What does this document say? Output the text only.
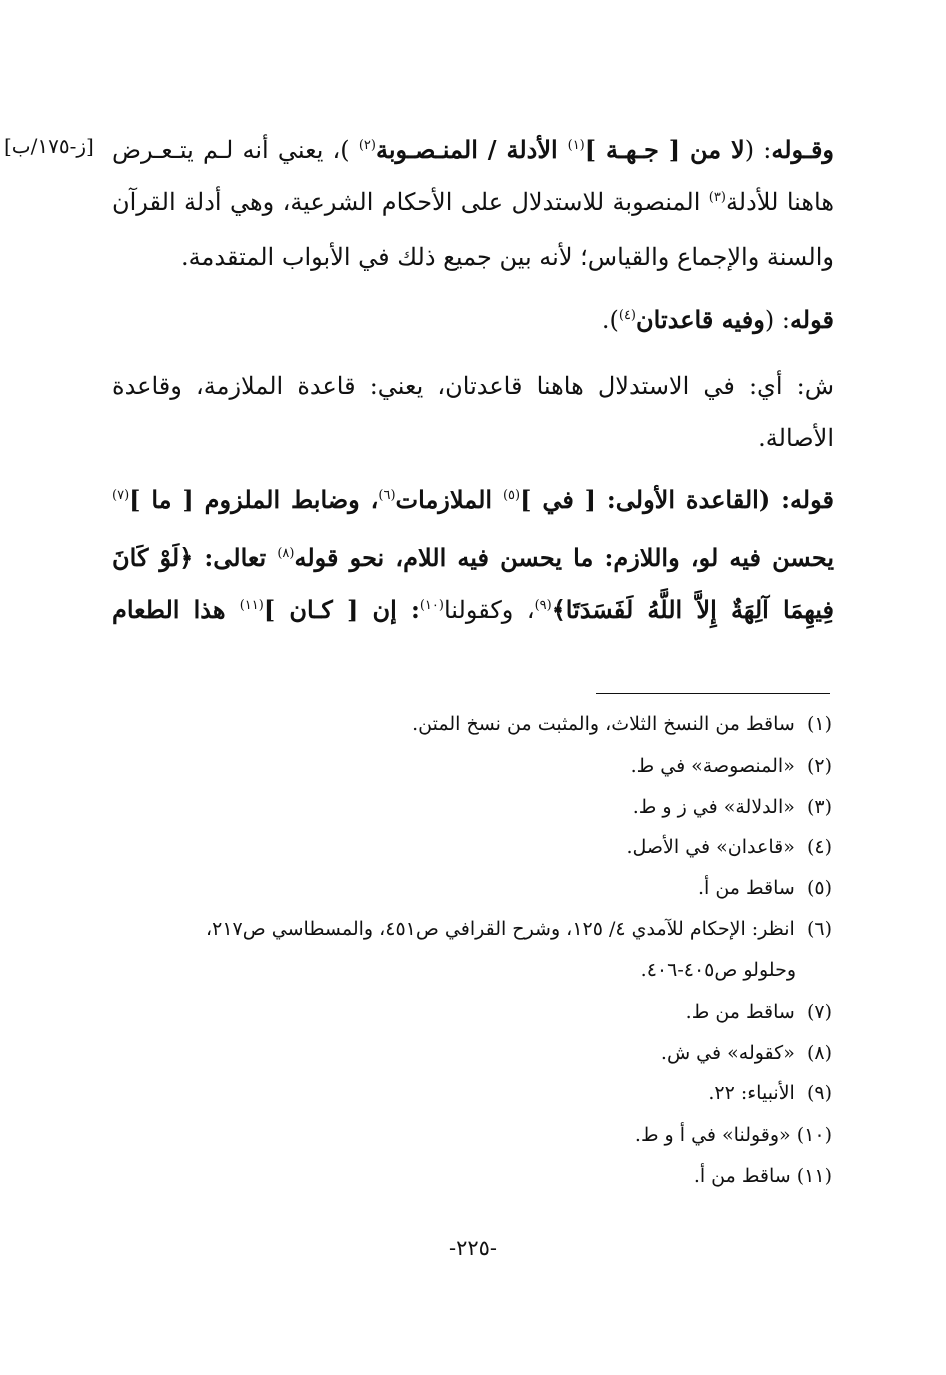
[ز-١٧٥/ب]	وقـوله: (لا من [ جـهـة ]$^{(١)}$ الأدلة / المنـصـوبة$^{(٢)}$ )، يعني أنه لـم يتـعـرض
هاهنا للأدلة$^{(٣)}$ المنصوبة للاستدلال على الأحكام الشرعية، وهي أدلة القرآن
والسنة والإجماع والقياس؛ لأنه بين جميع ذلك في الأبواب المتقدمة.
قوله: (وفيه قاعدتان$^{(٤)}$).
ش: أي: في الاستدلال هاهنا قاعدتان، يعني: قاعدة الملازمة، وقاعدة
الأصالة.
قوله: (القاعدة الأولى: [ في ]$^{(٥)}$ الملازمات$^{(٦)}$، وضابط الملزوم [ ما ]$^{(٧)}$
يحسن فيه لو، واللازم: ما يحسن فيه اللام، نحو قوله$^{(٨)}$ تعالى: ﴿لَوْ كَانَ
فِيهِمَا آلِهَةٌ إِلاَّ اللَّهُ لَفَسَدَتَا﴾$^{(٩)}$، وكقولنا$^{(١٠)}$: إن [ كـان ]$^{(١١)}$ هذا الطعام
(١)  ساقط من النسخ الثلاث، والمثبت من نسخ المتن.
(٢)  «المنصوصة» في ط.
(٣)  «الدلالة» في ز و ط.
(٤)  «قاعدان» في الأصل.
(٥)  ساقط من أ.
(٦)  انظر: الإحكام للآمدي ٤/ ١٢٥، وشرح القرافي ص٤٥١، والمسطاسي ص٢١٧،
وحلولو ص٤٠٥-٤٠٦.
(٧)  ساقط من ط.
(٨)  «كقوله» في ش.
(٩)  الأنبياء: ٢٢.
(١٠) «وقولنا» في أ و ط.
(١١) ساقط من أ.
-٢٢٥-
